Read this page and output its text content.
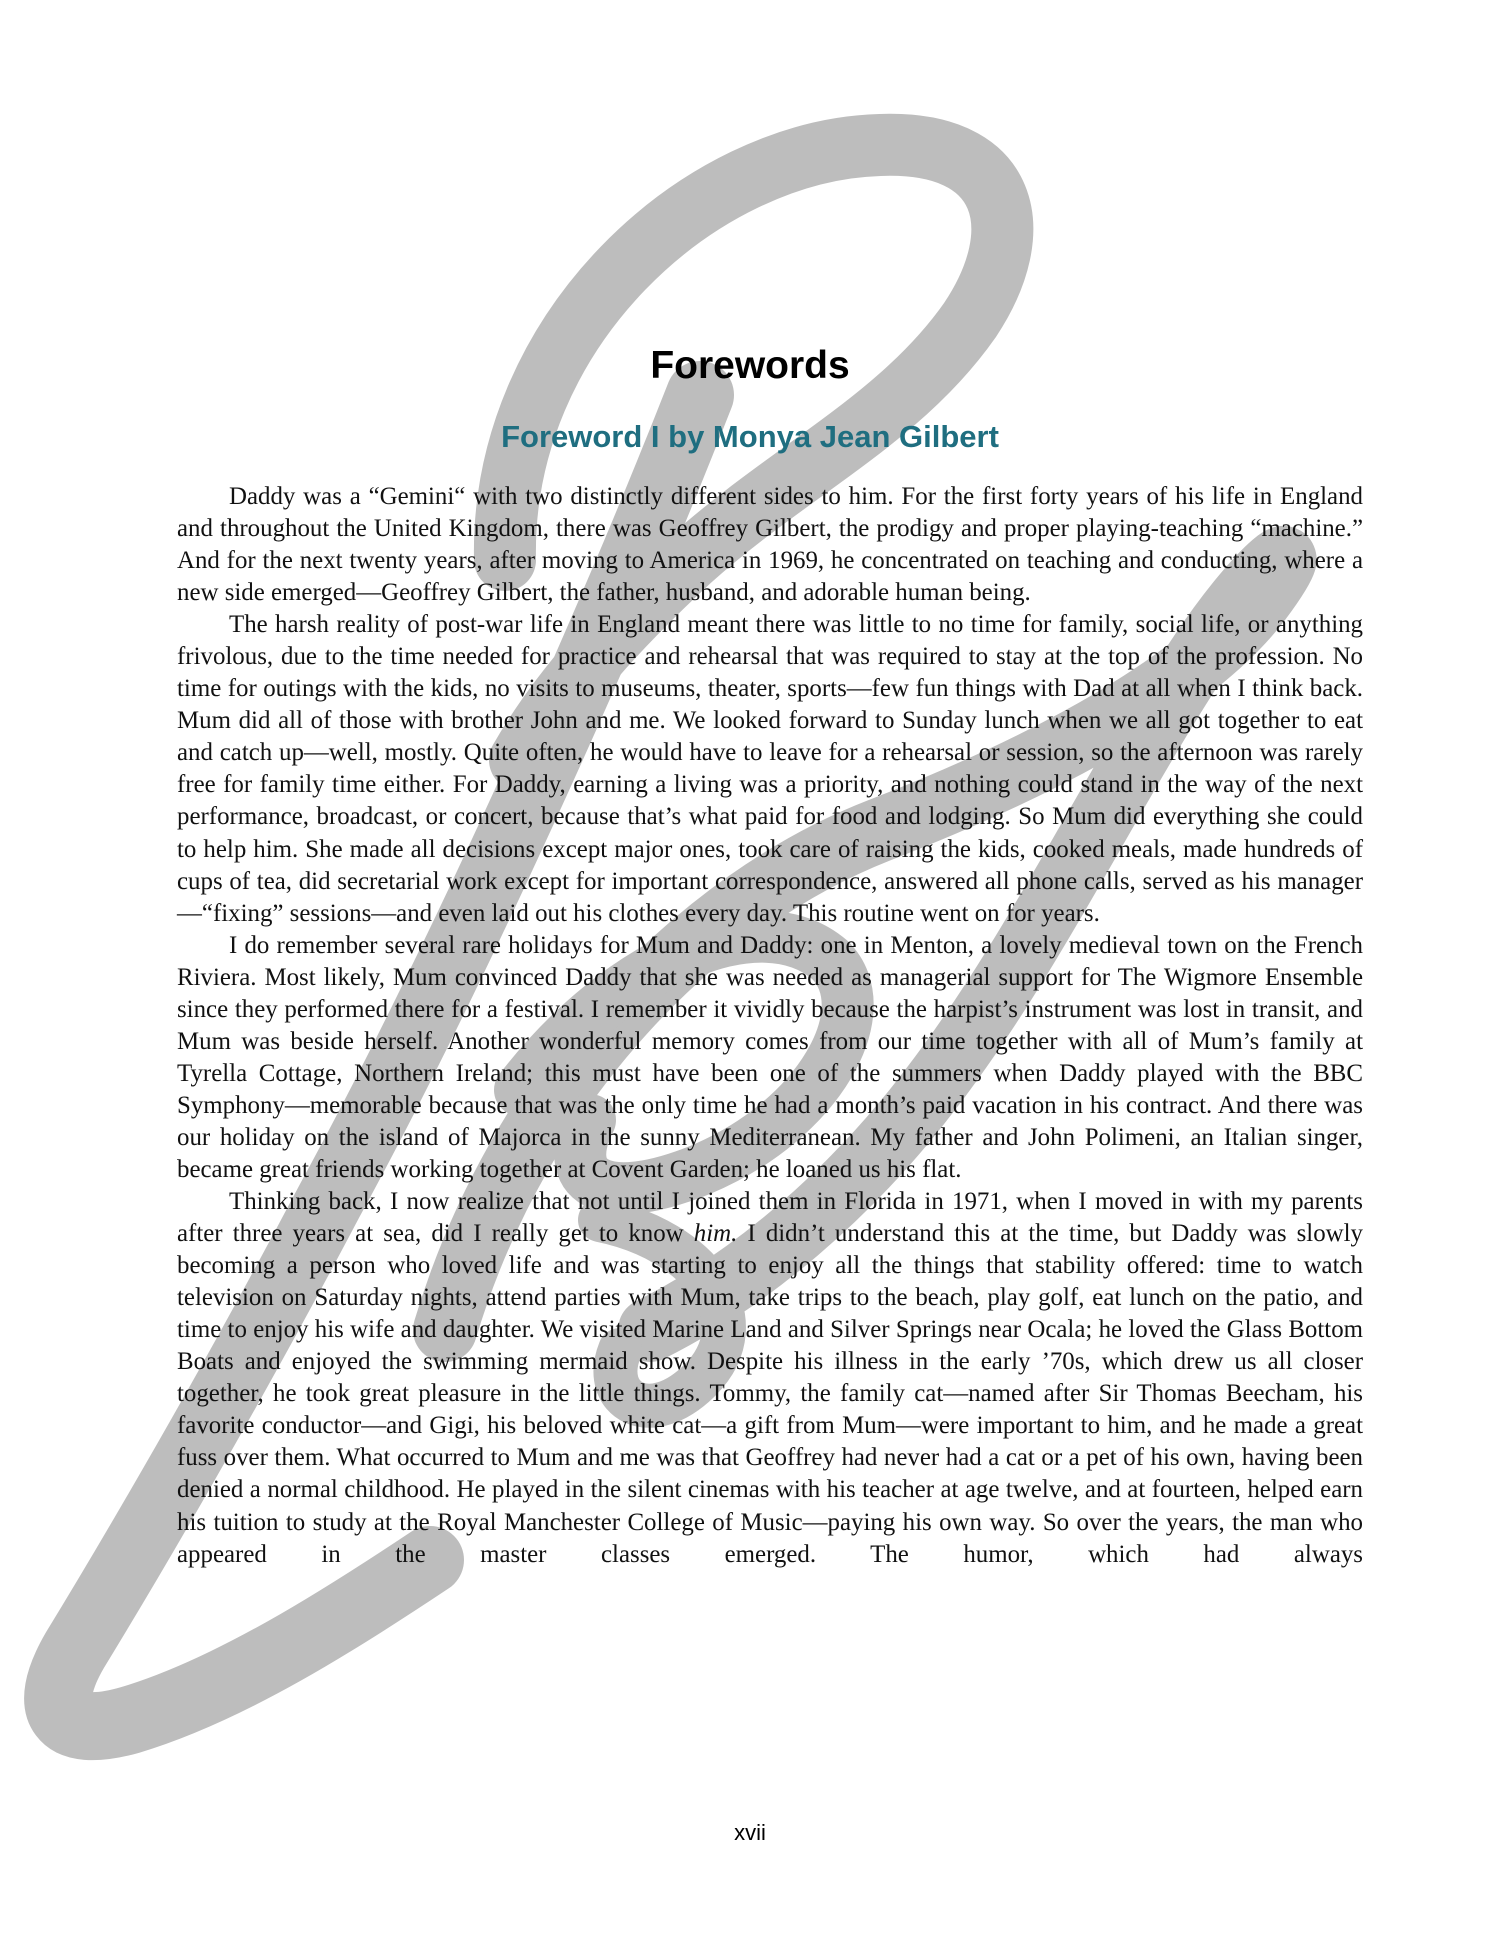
Forewords
Foreword I by Monya Jean Gilbert

Daddy was a “Gemini“ with two distinctly different sides to him. For the first forty years of his life in England and throughout the United Kingdom, there was Geoffrey Gilbert, the prodigy and proper playing-teaching “machine.” And for the next twenty years, after moving to America in 1969, he concentrated on teaching and conducting, where a new side emerged—Geoffrey Gilbert, the father, husband, and adorable human being.

The harsh reality of post-war life in England meant there was little to no time for family, social life, or anything frivolous, due to the time needed for practice and rehearsal that was required to stay at the top of the profession. No time for outings with the kids, no visits to museums, theater, sports—few fun things with Dad at all when I think back. Mum did all of those with brother John and me. We looked forward to Sunday lunch when we all got together to eat and catch up—well, mostly. Quite often, he would have to leave for a rehearsal or session, so the afternoon was rarely free for family time either. For Daddy, earning a living was a priority, and nothing could stand in the way of the next performance, broadcast, or concert, because that’s what paid for food and lodging. So Mum did everything she could to help him. She made all decisions except major ones, took care of raising the kids, cooked meals, made hundreds of cups of tea, did secretarial work except for important correspondence, answered all phone calls, served as his manager—“fixing” sessions—and even laid out his clothes every day. This routine went on for years.

I do remember several rare holidays for Mum and Daddy: one in Menton, a lovely medieval town on the French Riviera. Most likely, Mum convinced Daddy that she was needed as managerial support for The Wigmore Ensemble since they performed there for a festival. I remember it vividly because the harpist’s instrument was lost in transit, and Mum was beside herself. Another wonderful memory comes from our time together with all of Mum’s family at Tyrella Cottage, Northern Ireland; this must have been one of the summers when Daddy played with the BBC Symphony—memorable because that was the only time he had a month’s paid vacation in his contract. And there was our holiday on the island of Majorca in the sunny Mediterranean. My father and John Polimeni, an Italian singer, became great friends working together at Covent Garden; he loaned us his flat.

Thinking back, I now realize that not until I joined them in Florida in 1971, when I moved in with my parents after three years at sea, did I really get to know him. I didn’t understand this at the time, but Daddy was slowly becoming a person who loved life and was starting to enjoy all the things that stability offered: time to watch television on Saturday nights, attend parties with Mum, take trips to the beach, play golf, eat lunch on the patio, and time to enjoy his wife and daughter. We visited Marine Land and Silver Springs near Ocala; he loved the Glass Bottom Boats and enjoyed the swimming mermaid show. Despite his illness in the early ’70s, which drew us all closer together, he took great pleasure in the little things. Tommy, the family cat—named after Sir Thomas Beecham, his favorite conductor—and Gigi, his beloved white cat—a gift from Mum—were important to him, and he made a great fuss over them. What occurred to Mum and me was that Geoffrey had never had a cat or a pet of his own, having been denied a normal childhood. He played in the silent cinemas with his teacher at age twelve, and at fourteen, helped earn his tuition to study at the Royal Manchester College of Music—paying his own way. So over the years, the man who appeared in the master classes emerged. The humor, which had always

xvii
